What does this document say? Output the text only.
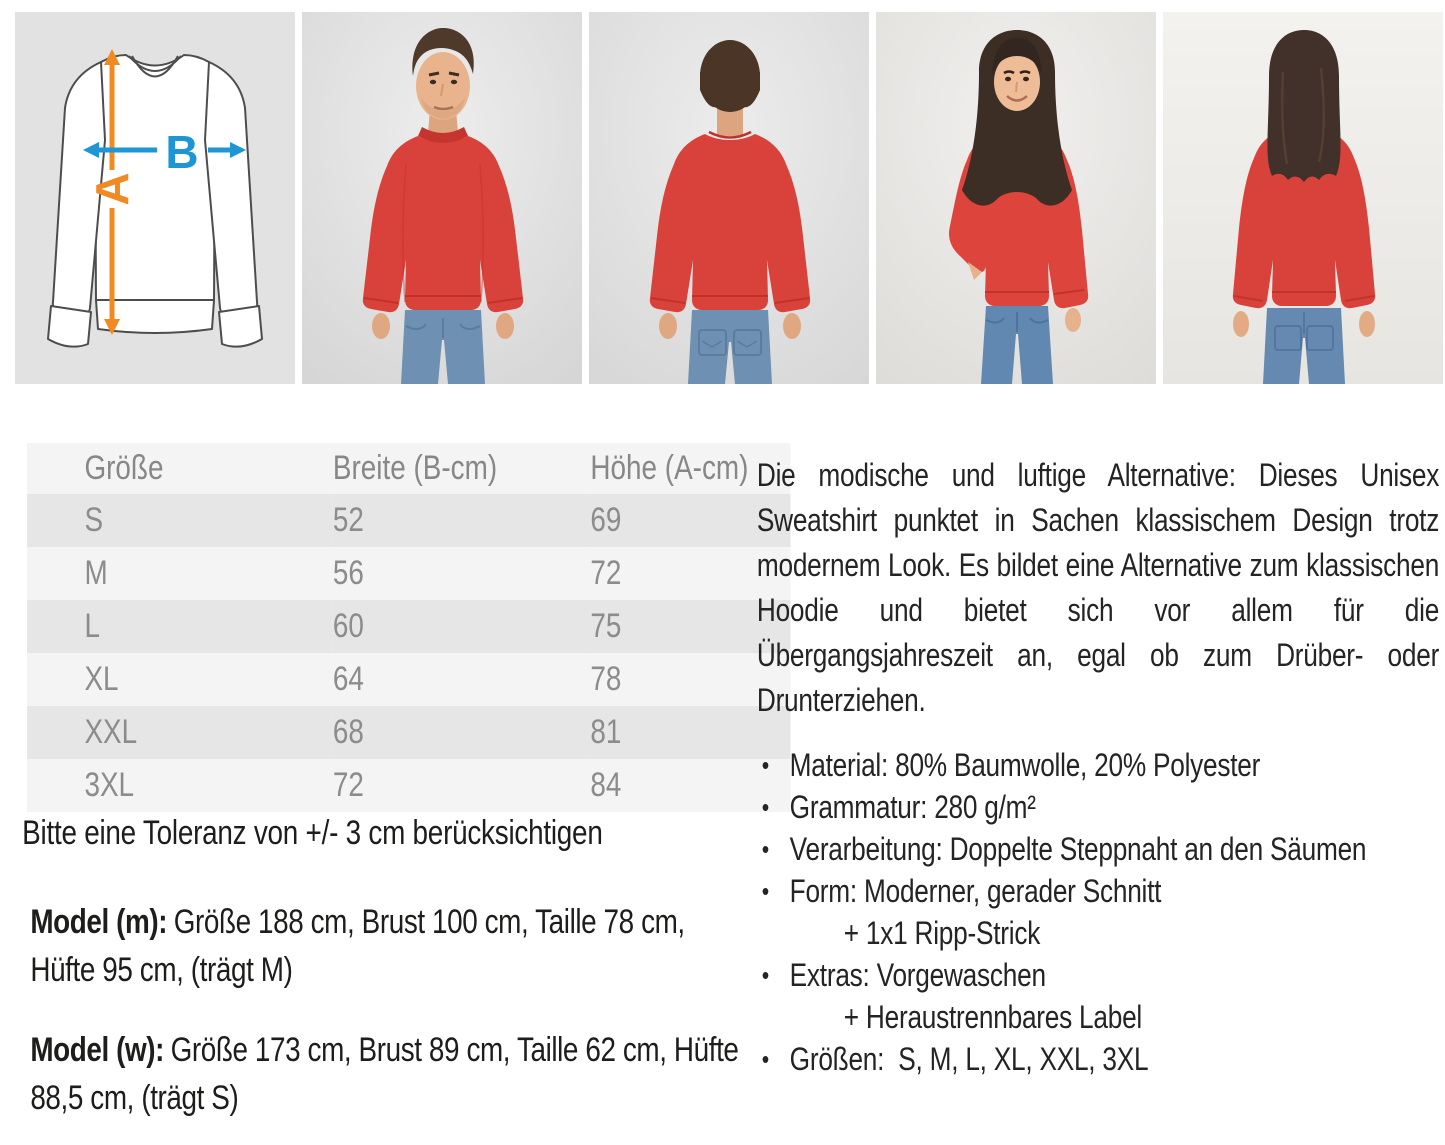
A
B
Größe	Breite (B-cm)	Höhe (A-cm)
S	52	69
M	56	72
L	60	75
XL	64	78
XXL	68	81
3XL	72	84
Bitte eine Toleranz von +/- 3 cm berücksichtigen

Model (m): Größe 188 cm, Brust 100 cm, Taille 78 cm, Hüfte 95 cm, (trägt M)

Model (w): Größe 173 cm, Brust 89 cm, Taille 62 cm, Hüfte 88,5 cm, (trägt S)

Die modische und luftige Alternative: Dieses Unisex Sweatshirt punktet in Sachen klassischem Design trotz modernem Look. Es bildet eine Alternative zum klassischen Hoodie und bietet sich vor allem für die Übergangsjahreszeit an, egal ob zum Drüber- oder Drunterziehen.

• Material: 80% Baumwolle, 20% Polyester
• Grammatur: 280 g/m²
• Verarbeitung: Doppelte Steppnaht an den Säumen
• Form: Moderner, gerader Schnitt
+ 1x1 Ripp-Strick
• Extras: Vorgewaschen
+ Heraustrennbares Label
• Größen:  S, M, L, XL, XXL, 3XL
